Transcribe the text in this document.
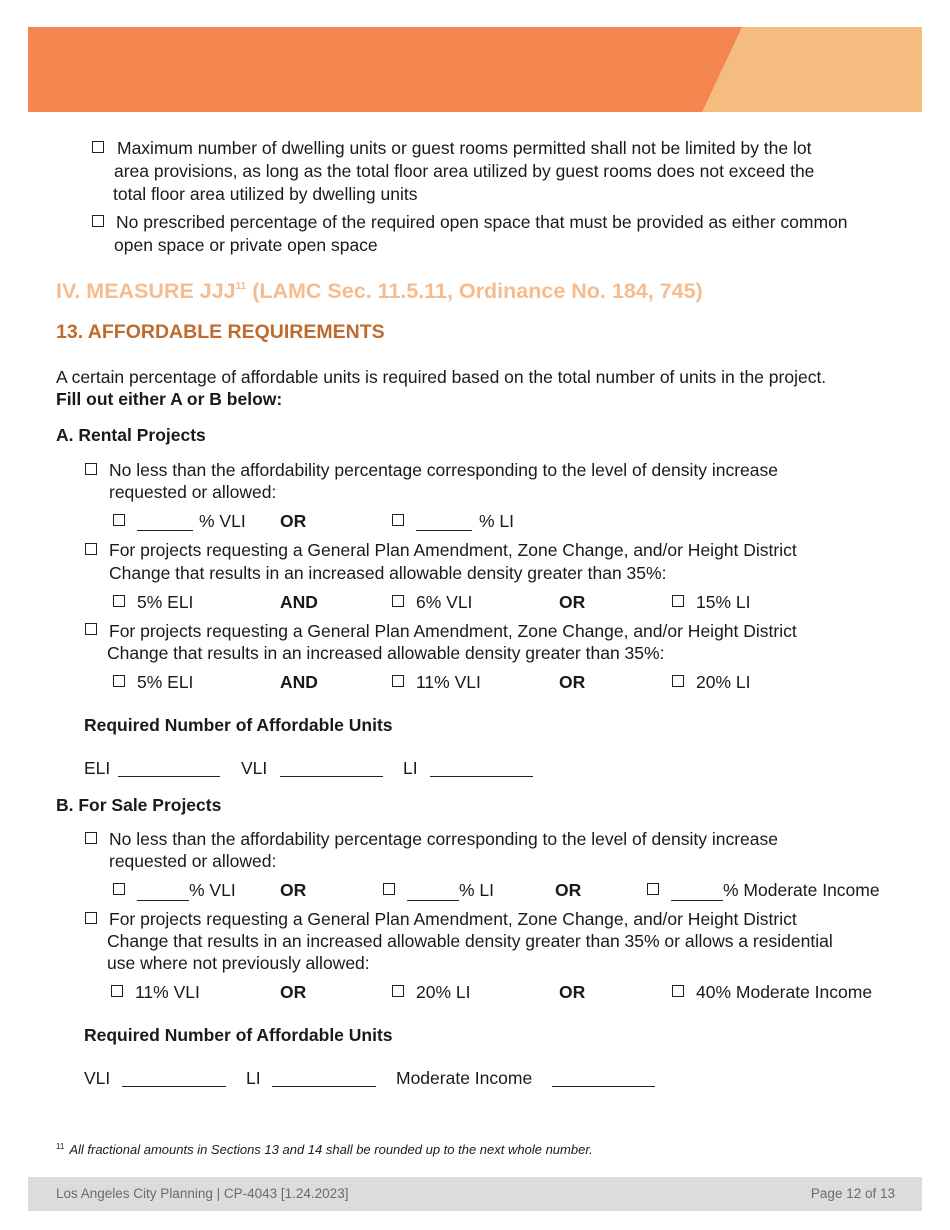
Maximum number of dwelling units or guest rooms permitted shall not be limited by the lot
area provisions, as long as the total floor area utilized by guest rooms does not exceed the
total floor area utilized by dwelling units
No prescribed percentage of the required open space that must be provided as either common
open space or private open space
IV. MEASURE JJJ$^{11}$ (LAMC Sec. 11.5.11, Ordinance No. 184, 745)
13. AFFORDABLE REQUIREMENTS
A certain percentage of affordable units is required based on the total number of units in the project.
Fill out either A or B below:
A. Rental Projects
No less than the affordability percentage corresponding to the level of density increase
requested or allowed:
% VLI OR	% LI
For projects requesting a General Plan Amendment, Zone Change, and/or Height District
Change that results in an increased allowable density greater than 35%:
5% ELI	AND	6% VLI	OR	15% LI
For projects requesting a General Plan Amendment, Zone Change, and/or Height District
Change that results in an increased allowable density greater than 35%:
5% ELI	AND	11% VLI	OR	20% LI
Required Number of Affordable Units
ELI	VLI	LI
B. For Sale Projects
No less than the affordability percentage corresponding to the level of density increase
requested or allowed:
% VLI	OR	% LI	OR	% Moderate Income
For projects requesting a General Plan Amendment, Zone Change, and/or Height District
Change that results in an increased allowable density greater than 35% or allows a residential
use where not previously allowed:
11% VLI	OR	20% LI	OR	40% Moderate Income
Required Number of Affordable Units
VLI	LI	Moderate Income
$^{11}$ All fractional amounts in Sections 13 and 14 shall be rounded up to the next whole number.
Los Angeles City Planning | CP-4043 [1.24.2023]	Page 12 of 13
